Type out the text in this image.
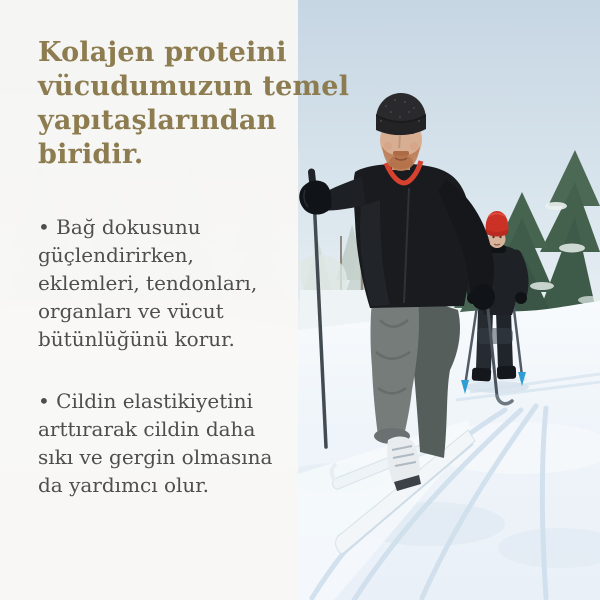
Kolajen proteini
vücudumuzun temel
yapıtaşlarından
biridir.

• Bağ dokusunu
güçlendirirken,
eklemleri, tendonları,
organları ve vücut
bütünlüğünü korur.

• Cildin elastikiyetini
arttırarak cildin daha
sıkı ve gergin olmasına
da yardımcı olur.
